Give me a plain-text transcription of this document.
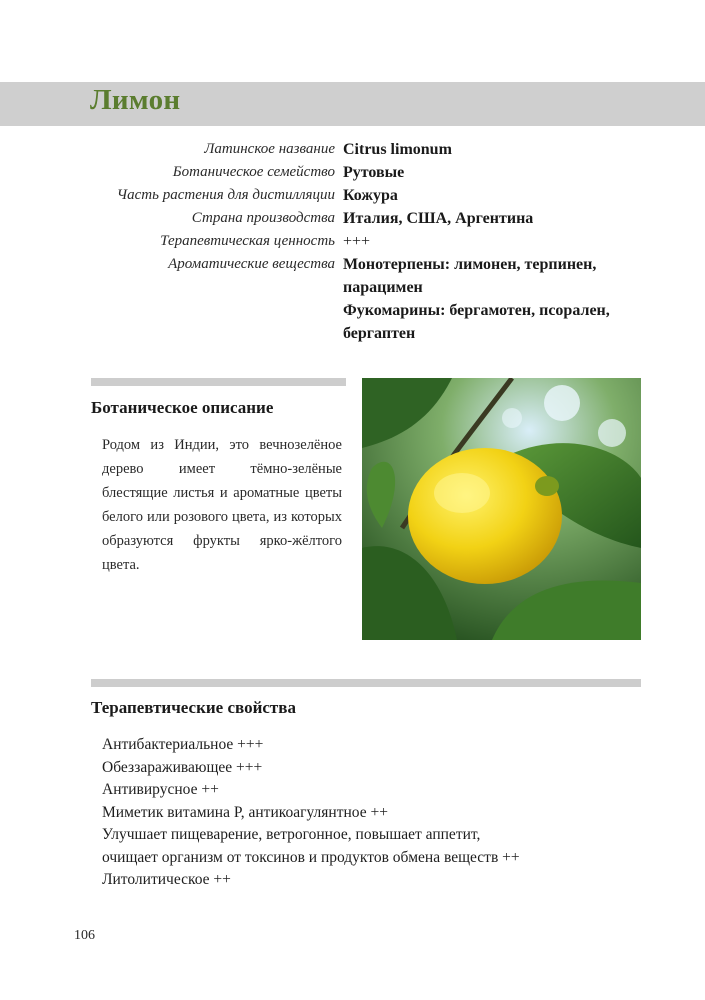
Лимон
Латинское название Citrus limonum
Ботаническое семейство Рутовые
Часть растения для дистилляции Кожура
Страна производства Италия, США, Аргентина
Терапевтическая ценность +++
Ароматические вещества Монотерпены: лимонен, терпинен, парацимен

Фукомарины: бергамотен, псорален, бергаптен

Ботаническое описание
Родом из Индии, это вечнозелёное дерево имеет тёмно-зелёные блестящие листья и ароматные цветы белого или розового цвета, из которых образуются фрукты ярко-жёлтого цвета.
Терапевтические свойства
Антибактериальное +++
Обеззараживающее +++
Антивирусное ++
Миметик витамина P, антикоагулянтное ++
Улучшает пищеварение, ветрогонное, повышает аппетит,
очищает организм от токсинов и продуктов обмена веществ ++
Литолитическое ++
106
